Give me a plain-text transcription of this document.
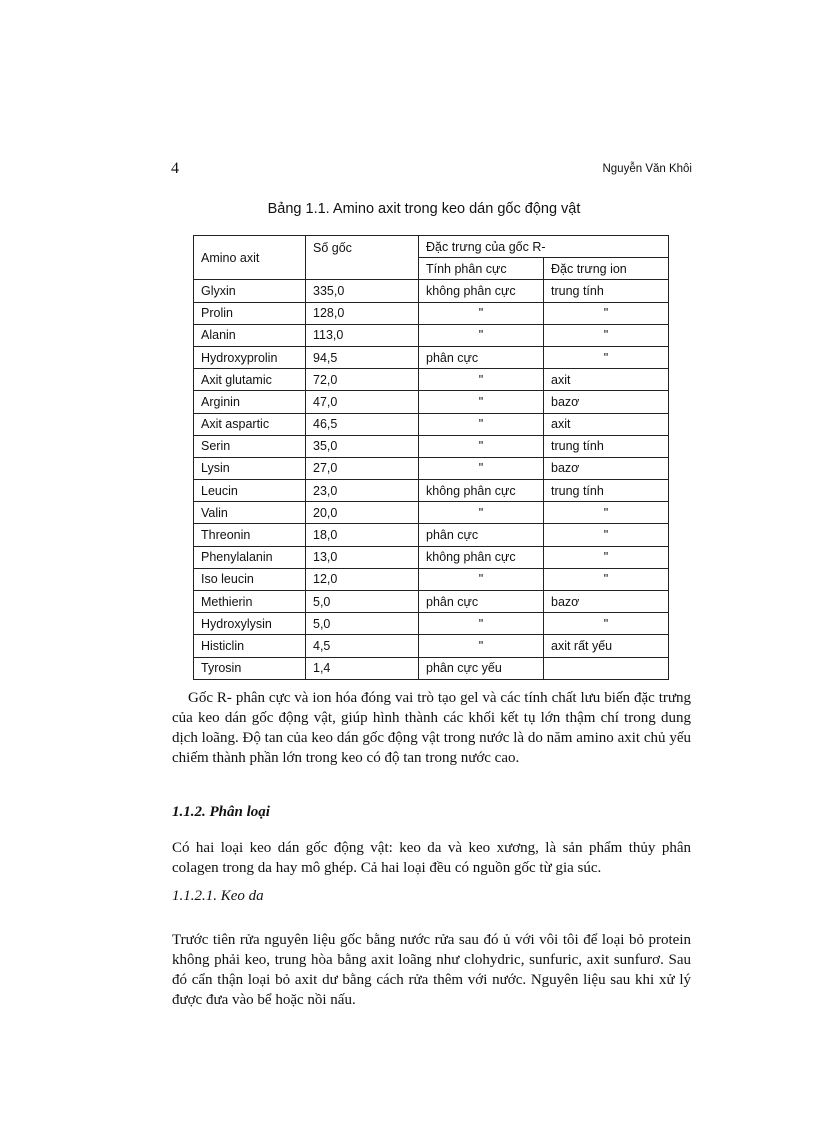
4	Nguyễn Văn Khôi
Bảng 1.1. Amino axit trong keo dán gốc động vật
Amino axit	Số gốc	Đặc trưng của gốc R-	
		Tính phân cực	Đặc trưng ion
Glyxin	335,0	không phân cực	trung tính
Prolin	128,0	"	"
Alanin	113,0	"	"
Hydroxyprolin	94,5	phân cực	"
Axit glutamic	72,0	"	axit
Arginin	47,0	"	bazơ
Axit aspartic	46,5	"	axit
Serin	35,0	"	trung tính
Lysin	27,0	"	bazơ
Leucin	23,0	không phân cực	trung tính
Valin	20,0	"	"
Threonin	18,0	phân cực	"
Phenylalanin	13,0	không phân cực	"
Iso leucin	12,0	"	"
Methierin	5,0	phân cực	bazơ
Hydroxylysin	5,0	"	"
Histiclin	4,5	"	axit rất yếu
Tyrosin	1,4	phân cực yếu	

Gốc R- phân cực và ion hóa đóng vai trò tạo gel và các tính chất lưu biến đặc trưng của keo dán gốc động vật, giúp hình thành các khối kết tụ lớn thậm chí trong dung dịch loãng. Độ tan của keo dán gốc động vật trong nước là do năm amino axit chủ yếu chiếm thành phần lớn trong keo có độ tan trong nước cao.

1.1.2. Phân loại

Có hai loại keo dán gốc động vật: keo da và keo xương, là sản phẩm thủy phân colagen trong da hay mô ghép. Cả hai loại đều có nguồn gốc từ gia súc.

1.1.2.1. Keo da

Trước tiên rửa nguyên liệu gốc bằng nước rửa sau đó ủ với vôi tôi để loại bỏ protein không phải keo, trung hòa bằng axit loãng như clohydric, sunfuric, axit sunfurơ. Sau đó cẩn thận loại bỏ axit dư bằng cách rửa thêm với nước. Nguyên liệu sau khi xử lý được đưa vào bể hoặc nồi nấu.
